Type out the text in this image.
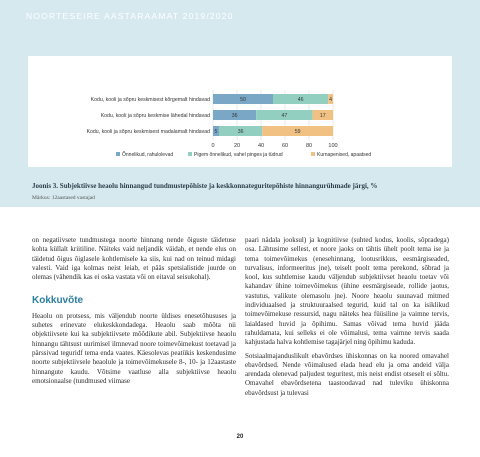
NOORTESEIRE AASTARAAMAT 2019/2020
0	20	40	60	80	100
Kodu, kooli ja sõpru keskmisest kõrgemalt hindavad	50	46	4
Kodu, kooli ja sõpru keskmise lähedal hindavad	36	47	17
Kodu, kooli ja sõpru keskmisest madalamalt hindavad 5	36	59
Õnnelikud, rahulolevad	Pigem õnnelikud, vahel pinges ja tüdrud	Kurnapenised, apaatsed
Joonis 3. Subjektiivse heaolu hinnangud tundmustepõhiste ja keskkonnateguritepõhiste hinnangurühmade järgi, %
Märkus: 12aastased vastajad

on negatiivsete tundmustega noorte hinnang nende õiguste täidetuse kohta küllalt kriitiline. Näiteks vaid neljandik väidab, et nende elus on täidetud õigus õiglasele kohtlemisele ka siis, kui nad on teinud midagi valesti. Vaid iga kolmas neist leiab, et pääs spetsialistide juurde on olemas (vähendik kas ei oska vastata või on eitaval seisukohal).

Kokkuvõte

Heaolu on protsess, mis väljendub noorte üldises enesetõhususes ja suhetes erinevate elukeskkondadega. Heaolu saab mõõta nii objektiivsete kui ka subjektiivsete mõõdikute abil. Subjektiivse heaolu hinnangu tähtsust uurimisel ilmnevad noore toimevõimekust toetavad ja pärssivad teguridf tema enda vaates. Käesolevas peatükis keskendusime noorte subjektiivsele heaolule ja toimevõimekusele 8-, 10- ja 12aastaste hinnangute kaudu. Võtsime vaatluse alla subjektiivse heaolu emotsionaalse (tundmused viimase

paari nädala jooksul) ja kognitiivse (suhted kodus, koolis, sõpradega) osa. Lähtusime sellest, et noore jaoks on tähtis ühelt poolt tema ise ja tema toimevõimekus (enesehinnang, lootusrikkus, eesmärgiseaded, turvalisus, informeeritus jne), teiselt poolt tema perekond, sõbrad ja kool, kus suhtlemise kaudu väljendub subjektiivset heaolu toetav või kahandav ühine toimevõimekus (ühine eesmärgiseade, rollide jaotus, vastutus, valikute olemasolu jne). Noore heaolu suunavad mitmed individuaalsed ja struktuuraalsed tegurid, kuid tal on ka isiklikud toimevõimekuse ressursid, nagu näiteks hea füüsiline ja vaimne tervis, laialdased huvid ja õpihimu. Samas võivad tema huvid jääda rahuldamata, kui selleks ei ole võimalusi, tema vaimne tervis saada kahjustada halva kohtlemise tagajärjel ning õpihimu kaduda.

Sotsiaalmajanduslikult ebavõrdses ühiskonnas on ka noored omavahel ebavõrdsed. Nende võimalused elada head elu ja oma andeid välja arendada olenevad paljudest teguritest, mis neist endist otseselt ei sõltu. Omavahel ebavõrdsetena taastoodavad nad tuleviku ühiskonna ebavõrdsust ja tulevasi

20
